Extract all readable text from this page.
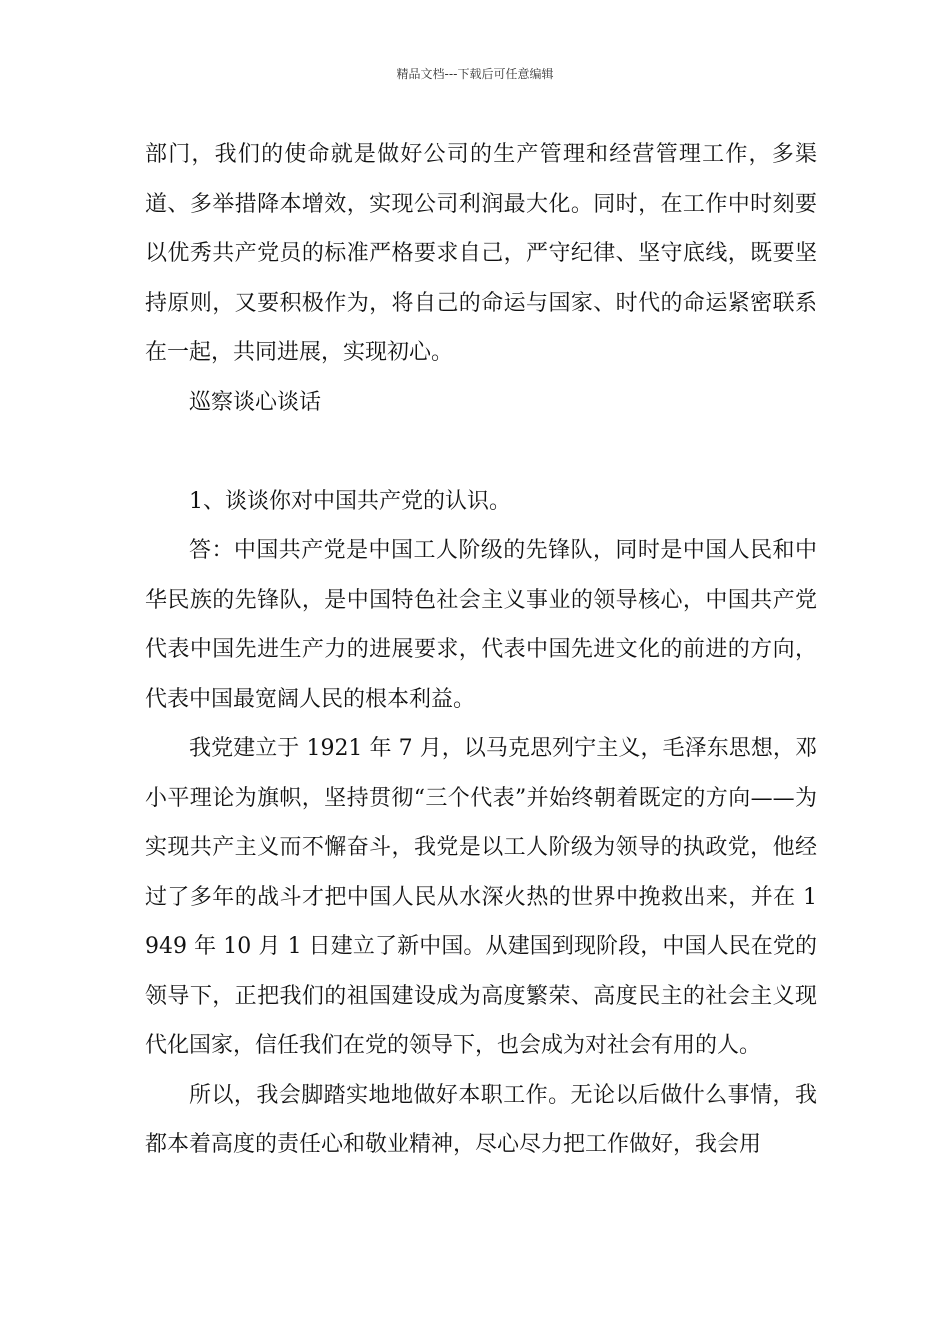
精品文档---下载后可任意编辑

部门，我们的使命就是做好公司的生产管理和经营管理工作，多渠道、多举措降本增效，实现公司利润最大化。同时，在工作中时刻要以优秀共产党员的标准严格要求自己，严守纪律、坚守底线，既要坚持原则，又要积极作为，将自己的命运与国家、时代的命运紧密联系在一起，共同进展，实现初心。

巡察谈心谈话

1、谈谈你对中国共产党的认识。

答：中国共产党是中国工人阶级的先锋队，同时是中国人民和中华民族的先锋队，是中国特色社会主义事业的领导核心，中国共产党代表中国先进生产力的进展要求，代表中国先进文化的前进的方向，代表中国最宽阔人民的根本利益。

我党建立于 1921 年 7 月，以马克思列宁主义，毛泽东思想，邓小平理论为旗帜，坚持贯彻“三个代表”并始终朝着既定的方向——为实现共产主义而不懈奋斗，我党是以工人阶级为领导的执政党，他经过了多年的战斗才把中国人民从水深火热的世界中挽救出来，并在 1949 年 10 月 1 日建立了新中国。从建国到现阶段，中国人民在党的领导下，正把我们的祖国建设成为高度繁荣、高度民主的社会主义现代化国家，信任我们在党的领导下，也会成为对社会有用的人。

所以，我会脚踏实地地做好本职工作。无论以后做什么事情，我都本着高度的责任心和敬业精神，尽心尽力把工作做好，我会用
